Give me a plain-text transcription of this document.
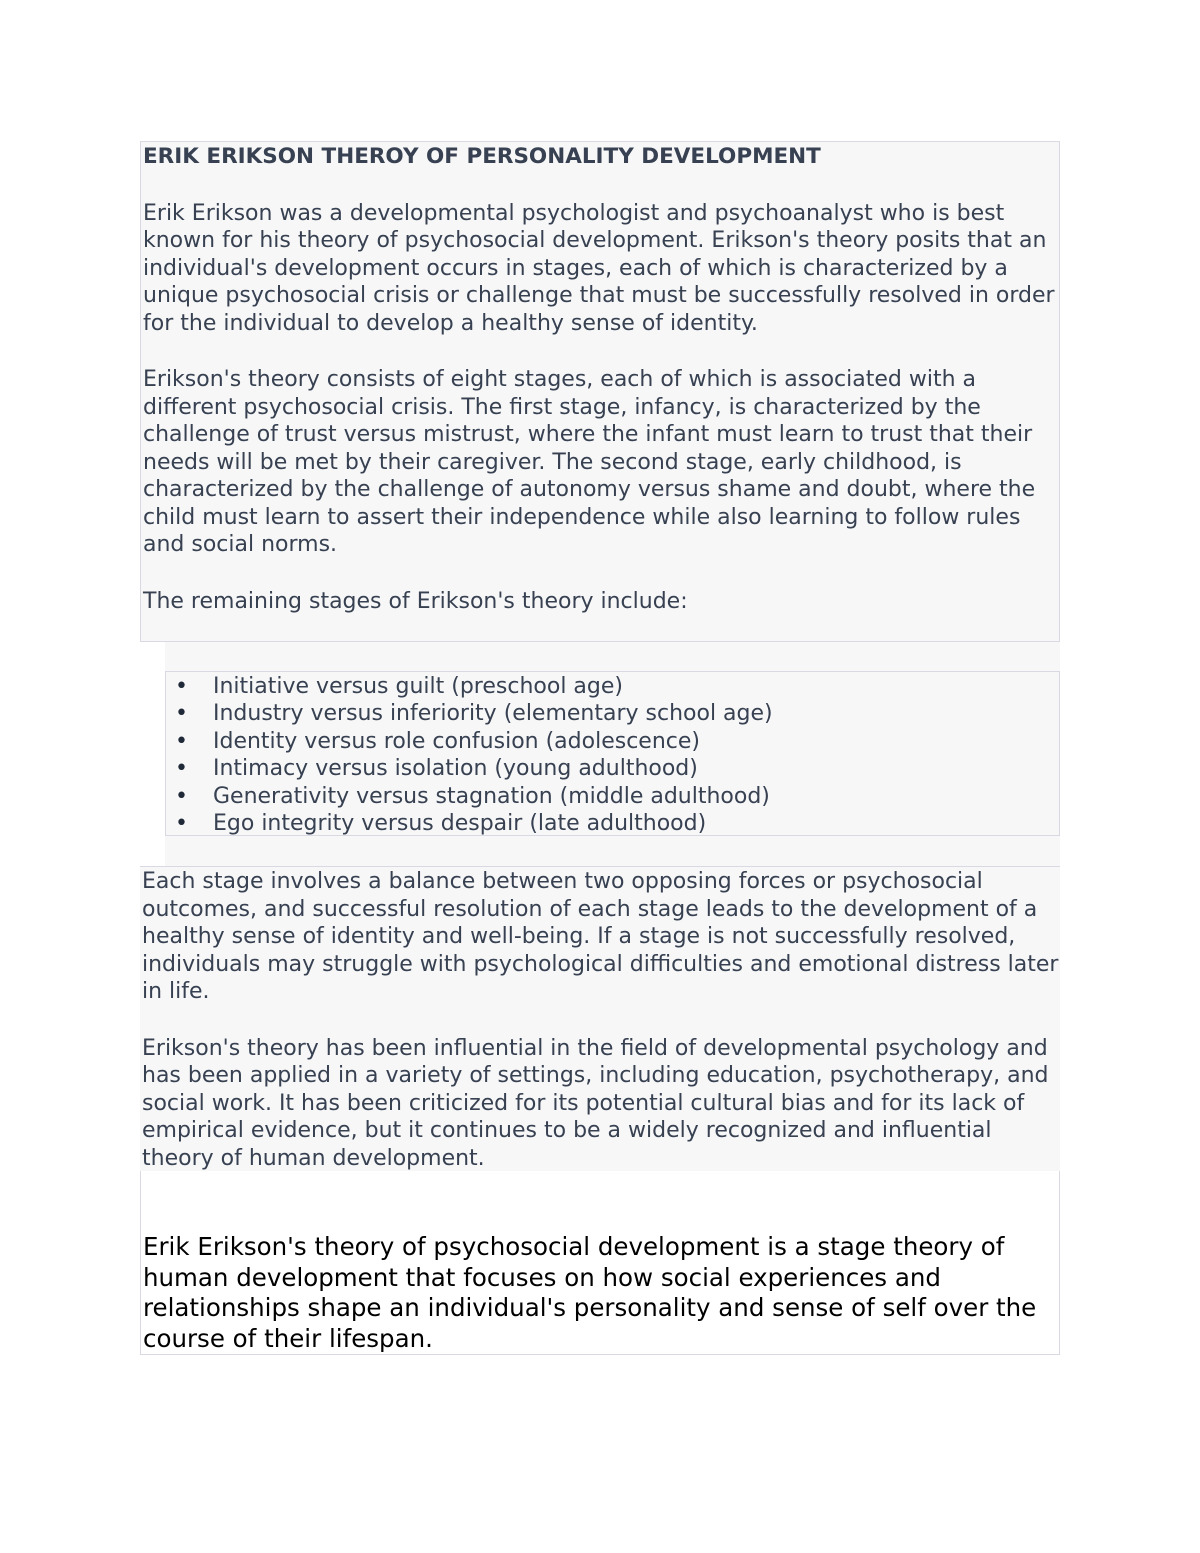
ERIK ERIKSON THEROY OF PERSONALITY DEVELOPMENT

Erik Erikson was a developmental psychologist and psychoanalyst who is best known for his theory of psychosocial development. Erikson's theory posits that an individual's development occurs in stages, each of which is characterized by a unique psychosocial crisis or challenge that must be successfully resolved in order for the individual to develop a healthy sense of identity.

Erikson's theory consists of eight stages, each of which is associated with a different psychosocial crisis. The first stage, infancy, is characterized by the challenge of trust versus mistrust, where the infant must learn to trust that their needs will be met by their caregiver. The second stage, early childhood, is characterized by the challenge of autonomy versus shame and doubt, where the child must learn to assert their independence while also learning to follow rules and social norms.

The remaining stages of Erikson's theory include:

• Initiative versus guilt (preschool age)
• Industry versus inferiority (elementary school age)
• Identity versus role confusion (adolescence)
• Intimacy versus isolation (young adulthood)
• Generativity versus stagnation (middle adulthood)
• Ego integrity versus despair (late adulthood)

Each stage involves a balance between two opposing forces or psychosocial outcomes, and successful resolution of each stage leads to the development of a healthy sense of identity and well-being. If a stage is not successfully resolved, individuals may struggle with psychological difficulties and emotional distress later in life.

Erikson's theory has been influential in the field of developmental psychology and has been applied in a variety of settings, including education, psychotherapy, and social work. It has been criticized for its potential cultural bias and for its lack of empirical evidence, but it continues to be a widely recognized and influential theory of human development.

Erik Erikson's theory of psychosocial development is a stage theory of human development that focuses on how social experiences and relationships shape an individual's personality and sense of self over the course of their lifespan.
